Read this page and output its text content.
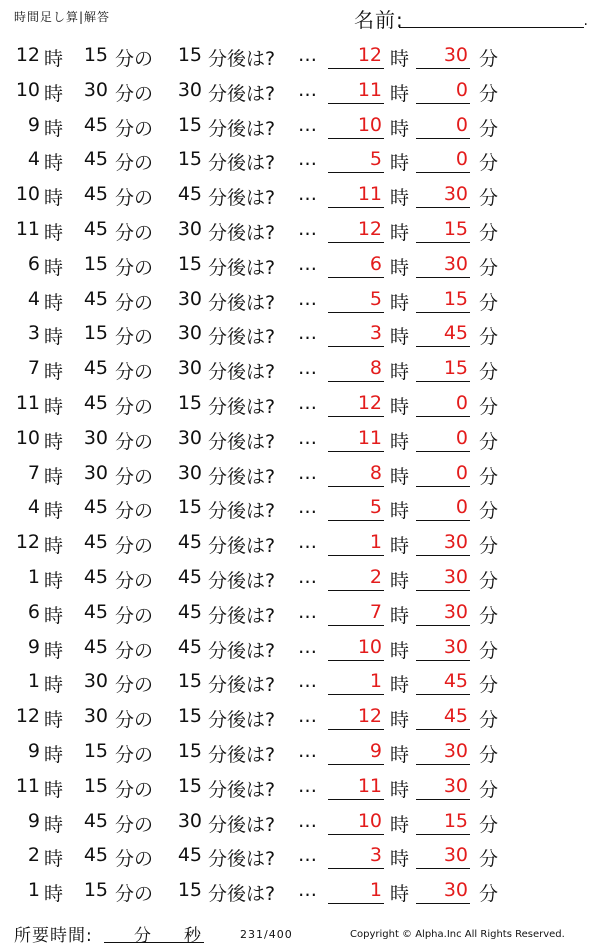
時間足し算|解答	名前:	.
12 時	15 分の	15 分後は? …	12 時	30 分
10 時	30 分の	30 分後は? …	11 時	0 分
9 時	45 分の	15 分後は? …	10 時	0 分
4 時	45 分の	15 分後は? …	5 時	0 分
10 時	45 分の	45 分後は? …	11 時	30 分
11 時	45 分の	30 分後は? …	12 時	15 分
6 時	15 分の	15 分後は? …	6 時	30 分
4 時	45 分の	30 分後は? …	5 時	15 分
3 時	15 分の	30 分後は? …	3 時	45 分
7 時	45 分の	30 分後は? …	8 時	15 分
11 時	45 分の	15 分後は? …	12 時	0 分
10 時	30 分の	30 分後は? …	11 時	0 分
7 時	30 分の	30 分後は? …	8 時	0 分
4 時	45 分の	15 分後は? …	5 時	0 分
12 時	45 分の	45 分後は? …	1 時	30 分
1 時	45 分の	45 分後は? …	2 時	30 分
6 時	45 分の	45 分後は? …	7 時	30 分
9 時	45 分の	45 分後は? …	10 時	30 分
1 時	30 分の	15 分後は? …	1 時	45 分
12 時	30 分の	15 分後は? …	12 時	45 分
9 時	15 分の	15 分後は? …	9 時	30 分
11 時	15 分の	15 分後は? …	11 時	30 分
9 時	45 分の	30 分後は? …	10 時	15 分
2 時	45 分の	45 分後は? …	3 時	30 分
1 時	15 分の	15 分後は? …	1 時	30 分
所要時間: 分 秒	231/400	Copyright © Alpha.Inc All Rights Reserved.
